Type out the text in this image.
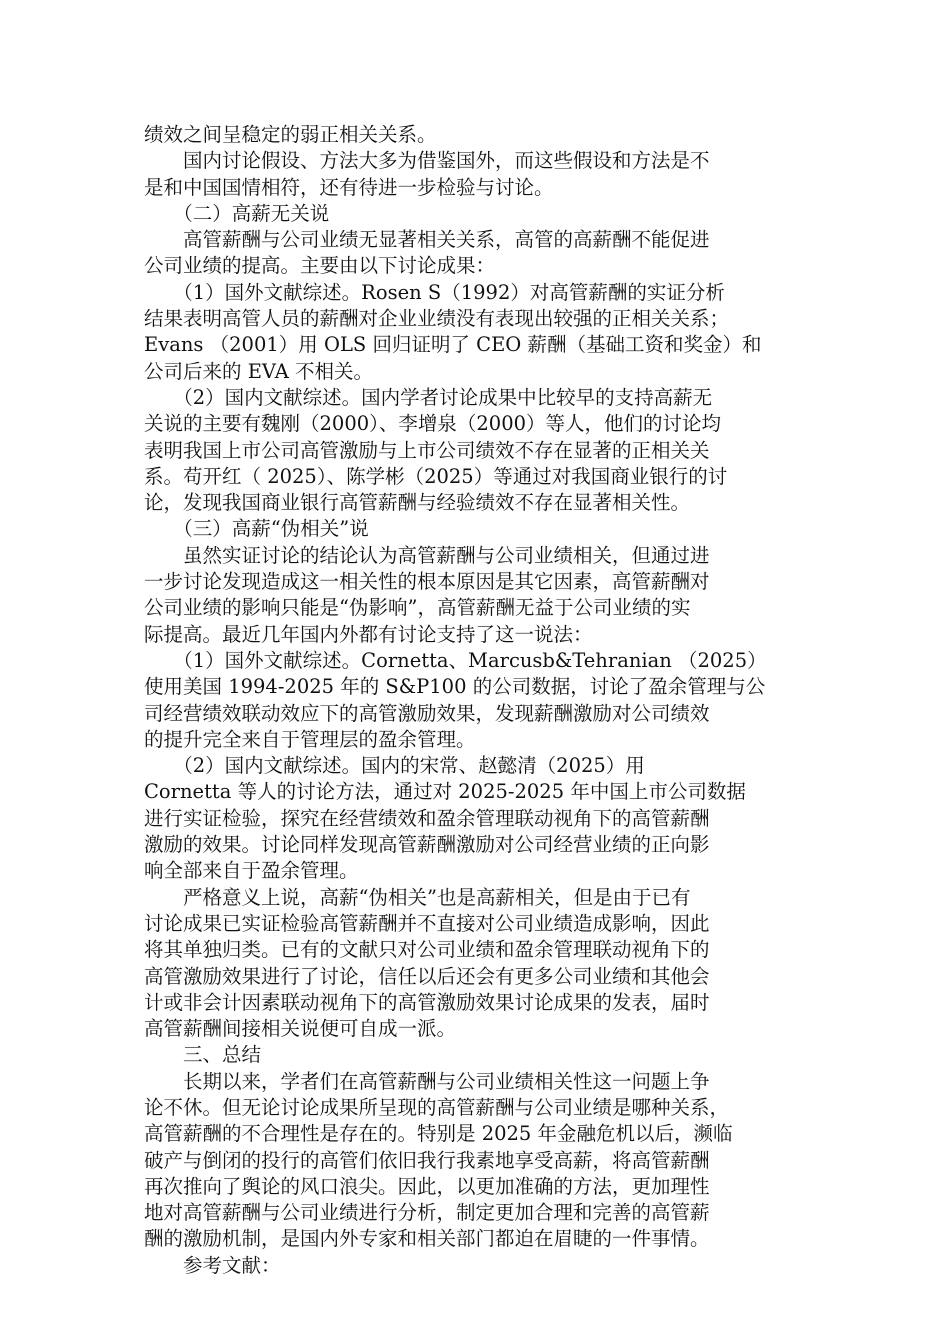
绩效之间呈稳定的弱正相关关系。

　　国内讨论假设、方法大多为借鉴国外，而这些假设和方法是不

是和中国国情相符，还有待进一步检验与讨论。

　　（二）高薪无关说

　　高管薪酬与公司业绩无显著相关关系，高管的高薪酬不能促进

公司业绩的提高。主要由以下讨论成果：

　　（1）国外文献综述。Rosen S（1992）对高管薪酬的实证分析

结果表明高管人员的薪酬对企业业绩没有表现出较强的正相关关系；

Evans （2001）用 OLS 回归证明了 CEO 薪酬（基础工资和奖金）和

公司后来的 EVA 不相关。

　　（2）国内文献综述。国内学者讨论成果中比较早的支持高薪无

关说的主要有魏刚（2000）、李增泉（2000）等人，他们的讨论均

表明我国上市公司高管激励与上市公司绩效不存在显著的正相关关

系。苟开红（ 2025）、陈学彬（2025）等通过对我国商业银行的讨

论，发现我国商业银行高管薪酬与经验绩效不存在显著相关性。

　　（三）高薪“伪相关”说

　　虽然实证讨论的结论认为高管薪酬与公司业绩相关，但通过进

一步讨论发现造成这一相关性的根本原因是其它因素，高管薪酬对

公司业绩的影响只能是“伪影响”，高管薪酬无益于公司业绩的实

际提高。最近几年国内外都有讨论支持了这一说法：

　　（1）国外文献综述。Cornetta、Marcusb&Tehranian （2025）

使用美国 1994-2025 年的 S&P100 的公司数据，讨论了盈余管理与公

司经营绩效联动效应下的高管激励效果，发现薪酬激励对公司绩效

的提升完全来自于管理层的盈余管理。

　　（2）国内文献综述。国内的宋常、赵懿清（2025）用

Cornetta 等人的讨论方法，通过对 2025-2025 年中国上市公司数据

进行实证检验，探究在经营绩效和盈余管理联动视角下的高管薪酬

激励的效果。讨论同样发现高管薪酬激励对公司经营业绩的正向影

响全部来自于盈余管理。

　　严格意义上说，高薪“伪相关”也是高薪相关，但是由于已有

讨论成果已实证检验高管薪酬并不直接对公司业绩造成影响，因此

将其单独归类。已有的文献只对公司业绩和盈余管理联动视角下的

高管激励效果进行了讨论，信任以后还会有更多公司业绩和其他会

计或非会计因素联动视角下的高管激励效果讨论成果的发表，届时

高管薪酬间接相关说便可自成一派。

　　三、总结

　　长期以来，学者们在高管薪酬与公司业绩相关性这一问题上争

论不休。但无论讨论成果所呈现的高管薪酬与公司业绩是哪种关系，

高管薪酬的不合理性是存在的。特别是 2025 年金融危机以后，濒临

破产与倒闭的投行的高管们依旧我行我素地享受高薪，将高管薪酬

再次推向了舆论的风口浪尖。因此，以更加准确的方法，更加理性

地对高管薪酬与公司业绩进行分析，制定更加合理和完善的高管薪

酬的激励机制，是国内外专家和相关部门都迫在眉睫的一件事情。

　　参考文献：
